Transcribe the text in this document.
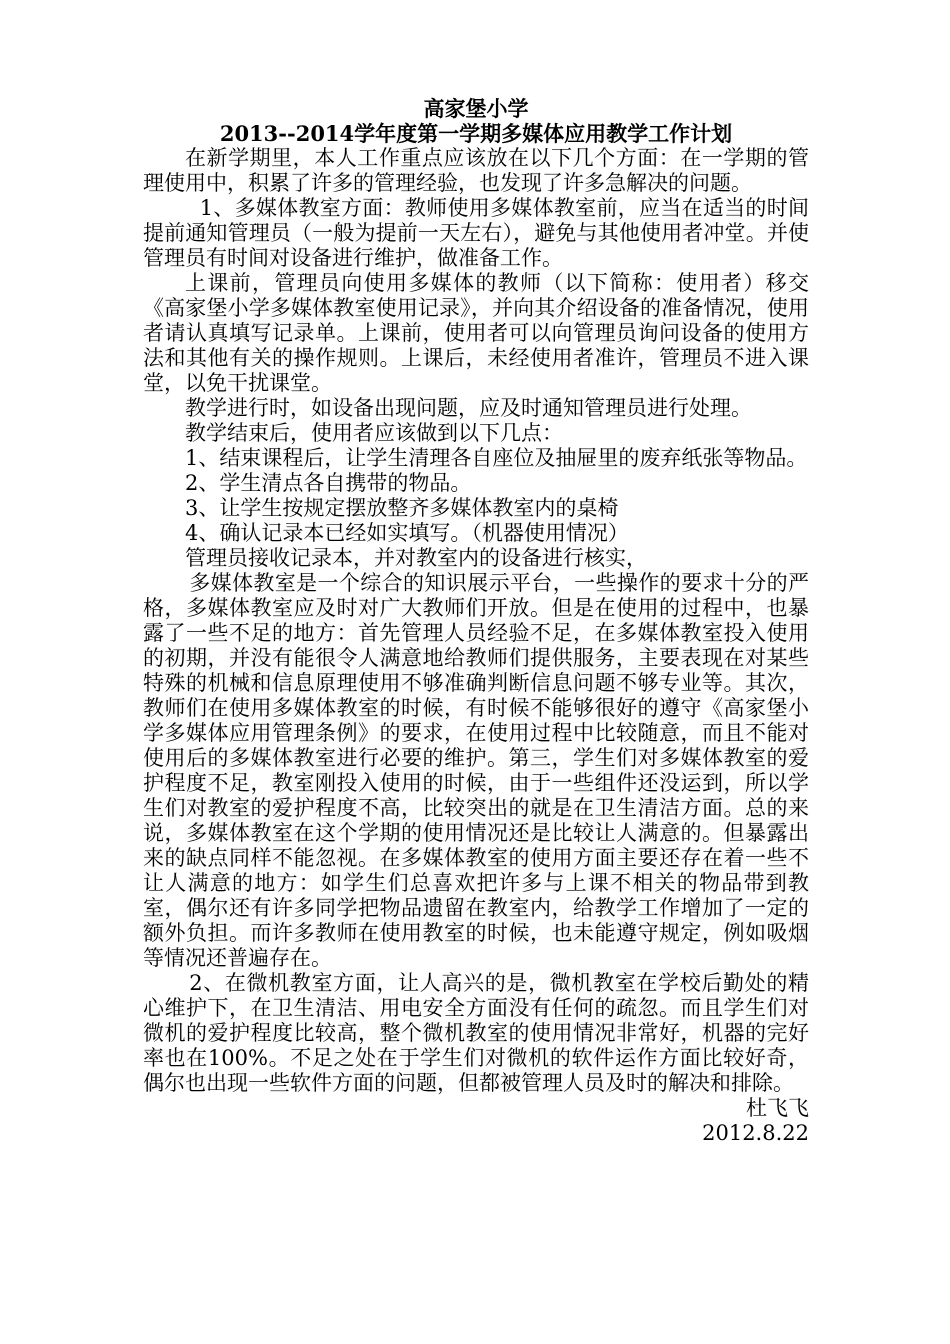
高家堡小学

2013--2014学年度第一学期多媒体应用教学工作计划

在新学期里，本人工作重点应该放在以下几个方面：在一学期的管理使用中，积累了许多的管理经验，也发现了许多急解决的问题。

1、多媒体教室方面：教师使用多媒体教室前，应当在适当的时间提前通知管理员（一般为提前一天左右），避免与其他使用者冲堂。并使管理员有时间对设备进行维护，做准备工作。

上课前，管理员向使用多媒体的教师（以下简称：使用者）移交《高家堡小学多媒体教室使用记录》，并向其介绍设备的准备情况，使用者请认真填写记录单。上课前，使用者可以向管理员询问设备的使用方法和其他有关的操作规则。上课后，未经使用者准许，管理员不进入课堂，以免干扰课堂。

教学进行时，如设备出现问题，应及时通知管理员进行处理。

教学结束后，使用者应该做到以下几点：

1、结束课程后，让学生清理各自座位及抽屉里的废弃纸张等物品。

2、学生清点各自携带的物品。

3、让学生按规定摆放整齐多媒体教室内的桌椅

4、确认记录本已经如实填写。（机器使用情况）

管理员接收记录本，并对教室内的设备进行核实，

多媒体教室是一个综合的知识展示平台，一些操作的要求十分的严格，多媒体教室应及时对广大教师们开放。但是在使用的过程中，也暴露了一些不足的地方：首先管理人员经验不足，在多媒体教室投入使用的初期，并没有能很令人满意地给教师们提供服务，主要表现在对某些特殊的机械和信息原理使用不够准确判断信息问题不够专业等。其次，教师们在使用多媒体教室的时候，有时候不能够很好的遵守《高家堡小学多媒体应用管理条例》的要求，在使用过程中比较随意，而且不能对使用后的多媒体教室进行必要的维护。第三，学生们对多媒体教室的爱护程度不足，教室刚投入使用的时候，由于一些组件还没运到，所以学生们对教室的爱护程度不高，比较突出的就是在卫生清洁方面。总的来说，多媒体教室在这个学期的使用情况还是比较让人满意的。但暴露出来的缺点同样不能忽视。在多媒体教室的使用方面主要还存在着一些不让人满意的地方：如学生们总喜欢把许多与上课不相关的物品带到教室，偶尔还有许多同学把物品遗留在教室内，给教学工作增加了一定的额外负担。而许多教师在使用教室的时候，也未能遵守规定，例如吸烟等情况还普遍存在。

2、在微机教室方面，让人高兴的是，微机教室在学校后勤处的精心维护下，在卫生清洁、用电安全方面没有任何的疏忽。而且学生们对微机的爱护程度比较高，整个微机教室的使用情况非常好，机器的完好率也在100%。不足之处在于学生们对微机的软件运作方面比较好奇，偶尔也出现一些软件方面的问题，但都被管理人员及时的解决和排除。

杜飞飞

2012.8.22
